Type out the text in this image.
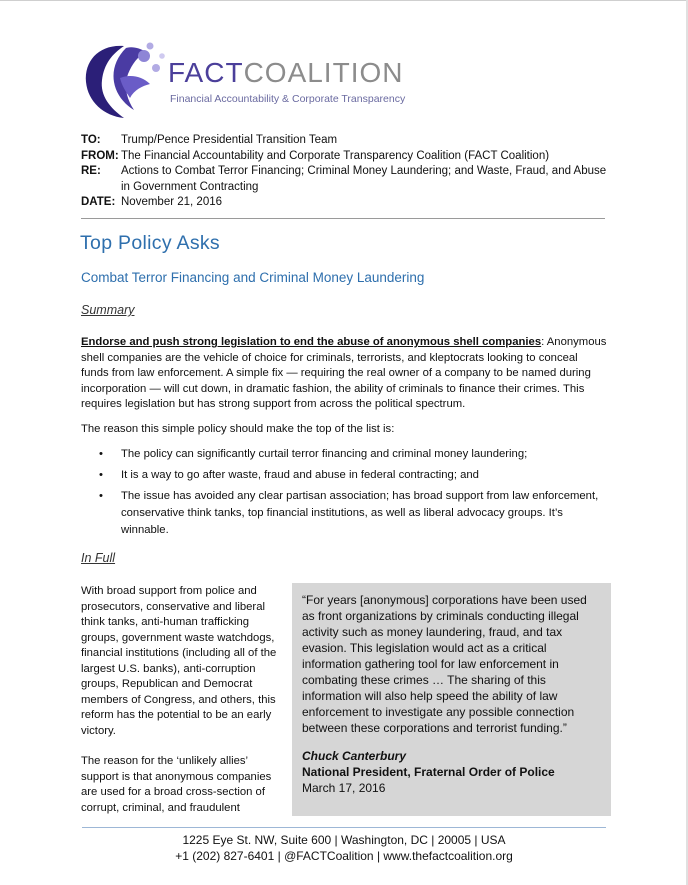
FACTCOALITION
Financial Accountability & Corporate Transparency
TO:	Trump/Pence Presidential Transition Team
FROM: The Financial Accountability and Corporate Transparency Coalition (FACT Coalition)
RE:	Actions to Combat Terror Financing; Criminal Money Laundering; and Waste, Fraud, and Abuse in Government Contracting
DATE: November 21, 2016
Top Policy Asks
Combat Terror Financing and Criminal Money Laundering
Summary
Endorse and push strong legislation to end the abuse of anonymous shell companies: Anonymous shell companies are the vehicle of choice for criminals, terrorists, and kleptocrats looking to conceal funds from law enforcement. A simple fix — requiring the real owner of a company to be named during incorporation — will cut down, in dramatic fashion, the ability of criminals to finance their crimes. This requires legislation but has strong support from across the political spectrum.
The reason this simple policy should make the top of the list is:
• The policy can significantly curtail terror financing and criminal money laundering;
• It is a way to go after waste, fraud and abuse in federal contracting; and
• The issue has avoided any clear partisan association; has broad support from law enforcement, conservative think tanks, top financial institutions, as well as liberal advocacy groups. It’s winnable.
In Full

With broad support from police and prosecutors, conservative and liberal think tanks, anti-human trafficking groups, government waste watchdogs, financial institutions (including all of the largest U.S. banks), anti-corruption groups, Republican and Democrat members of Congress, and others, this reform has the potential to be an early victory.

The reason for the ‘unlikely allies’ support is that anonymous companies are used for a broad cross-section of corrupt, criminal, and fraudulent

“For years [anonymous] corporations have been used as front organizations by criminals conducting illegal activity such as money laundering, fraud, and tax evasion. This legislation would act as a critical information gathering tool for law enforcement in combating these crimes … The sharing of this information will also help speed the ability of law enforcement to investigate any possible connection between these corporations and terrorist funding.”
Chuck Canterbury
National President, Fraternal Order of Police
March 17, 2016
1225 Eye St. NW, Suite 600 | Washington, DC | 20005 | USA
+1 (202) 827-6401 | @FACTCoalition | www.thefactcoalition.org
